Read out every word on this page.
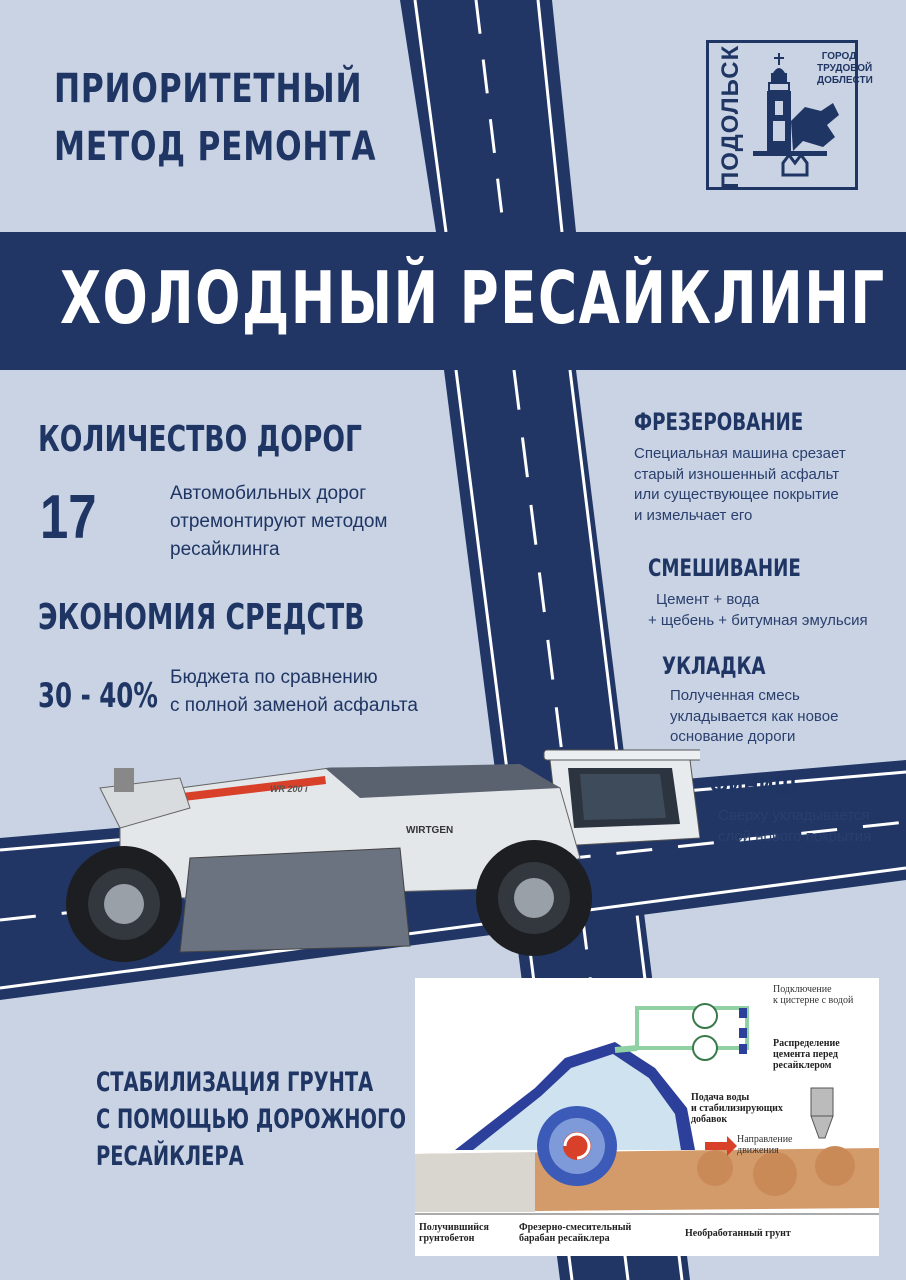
ПРИОРИТЕТНЫЙ
МЕТОД РЕМОНТА	ПОДОЛЬСК	ГОРОД
ТРУДОВОЙ
ДОБЛЕСТИ
ХОЛОДНЫЙ РЕСАЙКЛИНГ
КОЛИЧЕСТВО ДОРОГ
17	Автомобильных дорог
отремонтируют методом
ресайклинга
ЭКОНОМИЯ СРЕДСТВ
30 - 40% Бюджета по сравнению
с полной заменой асфальта
ФРЕЗЕРОВАНИЕ
Специальная машина срезает
старый изношенный асфальт
или существующее покрытие
и измельчает его
СМЕШИВАНИЕ
Цемент + вода
+ щебень + битумная эмульсия
УКЛАДКА
Полученная смесь
укладывается как новое
основание дороги
ФИНИШ
Сверху укладывается
слой нового покрытия
WR 200 i
WIRTGEN
СТАБИЛИЗАЦИЯ ГРУНТА
С ПОМОЩЬЮ ДОРОЖНОГО
РЕСАЙКЛЕРА
Подключение
к цистерне с водой
Распределение
цемента перед
ресайклером
Подача воды
и стабилизирующих
добавок
Направление
движения
Получившийся
грунтобетон
Фрезерно-смесительный
барабан ресайклера	Необработанный грунт
